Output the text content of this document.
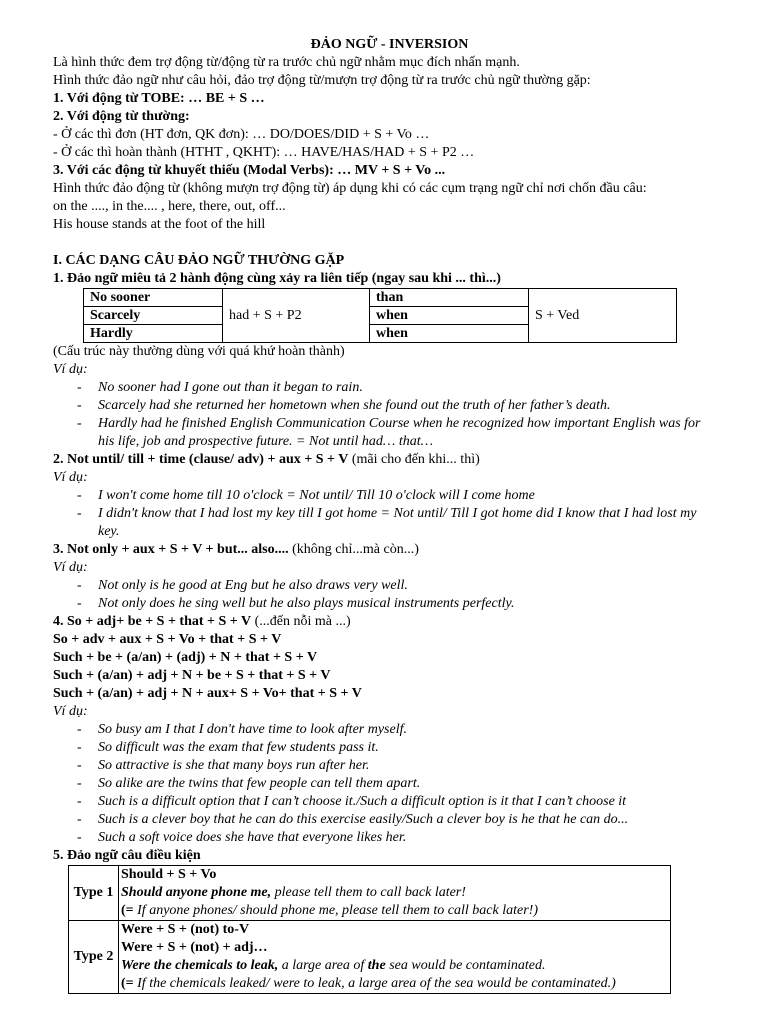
ĐẢO NGỮ - INVERSION
Là hình thức đem trợ động từ/động từ ra trước chủ ngữ nhằm mục đích nhấn mạnh.
Hình thức đảo ngữ như câu hỏi, đảo trợ động từ/mượn trợ động từ ra trước chủ ngữ thường gặp:
1. Với động từ TOBE: … BE + S …
2. Với động từ thường:
- Ở các thì đơn (HT đơn, QK đơn): … DO/DOES/DID + S + Vo …
- Ở các thì hoàn thành (HTHT , QKHT): … HAVE/HAS/HAD + S + P2 …
3. Với các động từ khuyết thiếu (Modal Verbs): … MV + S + Vo ...
Hình thức đảo động từ (không mượn trợ động từ) áp dụng khi có các cụm trạng ngữ chỉ nơi chốn đầu câu:
on the ...., in the.... , here, there, out, off...
His house stands at the foot of the hill
I. CÁC DẠNG CÂU ĐẢO NGỮ THƯỜNG GẶP
1. Đảo ngữ miêu tả 2 hành động cùng xảy ra liên tiếp (ngay sau khi ... thì...)
No sooner	had + S + P2	than	S + Ved
Scarcely		when	
Hardly		when	
(Cấu trúc này thường dùng với quá khứ hoàn thành)
Ví dụ:
- No sooner had I gone out than it began to rain.
- Scarcely had she returned her hometown when she found out the truth of her father’s death.
- Hardly had he finished English Communication Course when he recognized how important English was for his life, job and prospective future. = Not until had… that…
2. Not until/ till + time (clause/ adv) + aux + S + V (mãi cho đến khi... thì)
Ví dụ:
- I won't come home till 10 o'clock = Not until/ Till 10 o'clock will I come home
- I didn't know that I had lost my key till I got home = Not until/ Till I got home did I know that I had lost my key.
3. Not only + aux + S + V + but... also.... (không chỉ...mà còn...)
Ví dụ:
- Not only is he good at Eng but he also draws very well.
- Not only does he sing well but he also plays musical instruments perfectly.
4. So + adj+ be + S + that + S + V (...đến nỗi mà ...)
So + adv + aux + S + Vo + that + S + V
Such + be + (a/an) + (adj) + N + that + S + V
Such + (a/an) + adj + N + be + S + that + S + V
Such + (a/an) + adj + N + aux+ S + Vo+ that + S + V
Ví dụ:
- So busy am I that I don't have time to look after myself.
- So difficult was the exam that few students pass it.
- So attractive is she that many boys run after her.
- So alike are the twins that few people can tell them apart.
- Such is a difficult option that I can’t choose it./Such a difficult option is it that I can’t choose it
- Such is a clever boy that he can do this exercise easily/Such a clever boy is he that he can do...
- Such a soft voice does she have that everyone likes her.
5. Đảo ngữ câu điều kiện
Type 1	Should + S + Vo
Should anyone phone me, please tell them to call back later!
(= If anyone phones/ should phone me, please tell them to call back later!)

Type 2	Were + S + (not) to-V
Were + S + (not) + adj…
Were the chemicals to leak, a large area of the sea would be contaminated.
(= If the chemicals leaked/ were to leak, a large area of the sea would be contaminated.)
